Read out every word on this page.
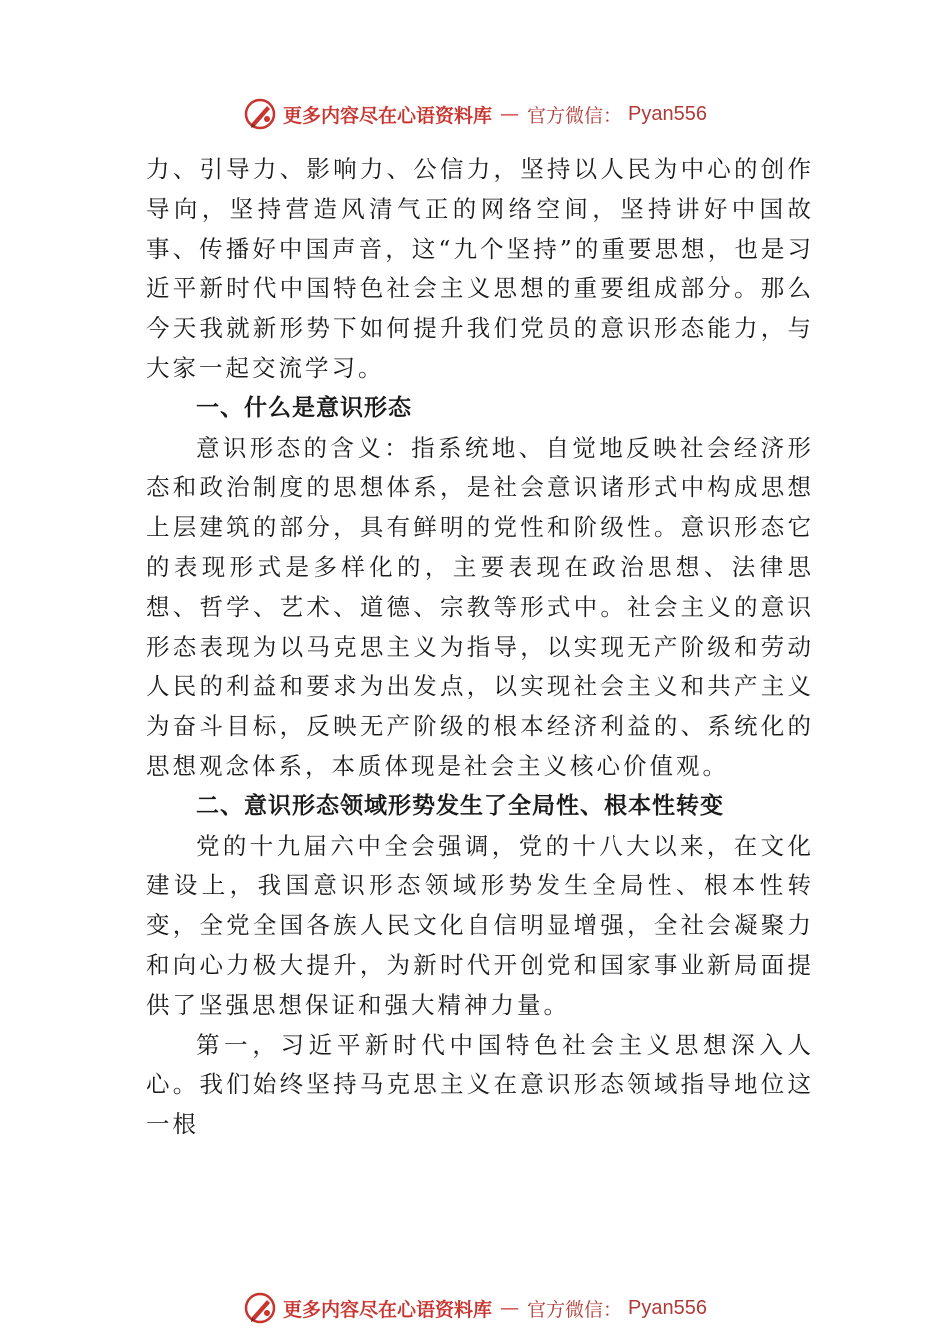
更多内容尽在心语资料库 — 官方微信： Pyan556

力、引导力、影响力、公信力，坚持以人民为中心的创作导向，坚持营造风清气正的网络空间，坚持讲好中国故事、传播好中国声音，这“九个坚持”的重要思想，也是习近平新时代中国特色社会主义思想的重要组成部分。那么今天我就新形势下如何提升我们党员的意识形态能力，与大家一起交流学习。

一、什么是意识形态

意识形态的含义：指系统地、自觉地反映社会经济形态和政治制度的思想体系，是社会意识诸形式中构成思想上层建筑的部分，具有鲜明的党性和阶级性。意识形态它的表现形式是多样化的，主要表现在政治思想、法律思想、哲学、艺术、道德、宗教等形式中。社会主义的意识形态表现为以马克思主义为指导，以实现无产阶级和劳动人民的利益和要求为出发点，以实现社会主义和共产主义为奋斗目标，反映无产阶级的根本经济利益的、系统化的思想观念体系，本质体现是社会主义核心价值观。

二、意识形态领域形势发生了全局性、根本性转变

党的十九届六中全会强调，党的十八大以来，在文化建设上，我国意识形态领域形势发生全局性、根本性转变，全党全国各族人民文化自信明显增强，全社会凝聚力和向心力极大提升，为新时代开创党和国家事业新局面提供了坚强思想保证和强大精神力量。

第一，习近平新时代中国特色社会主义思想深入人心。我们始终坚持马克思主义在意识形态领域指导地位这一根

更多内容尽在心语资料库 — 官方微信： Pyan556
